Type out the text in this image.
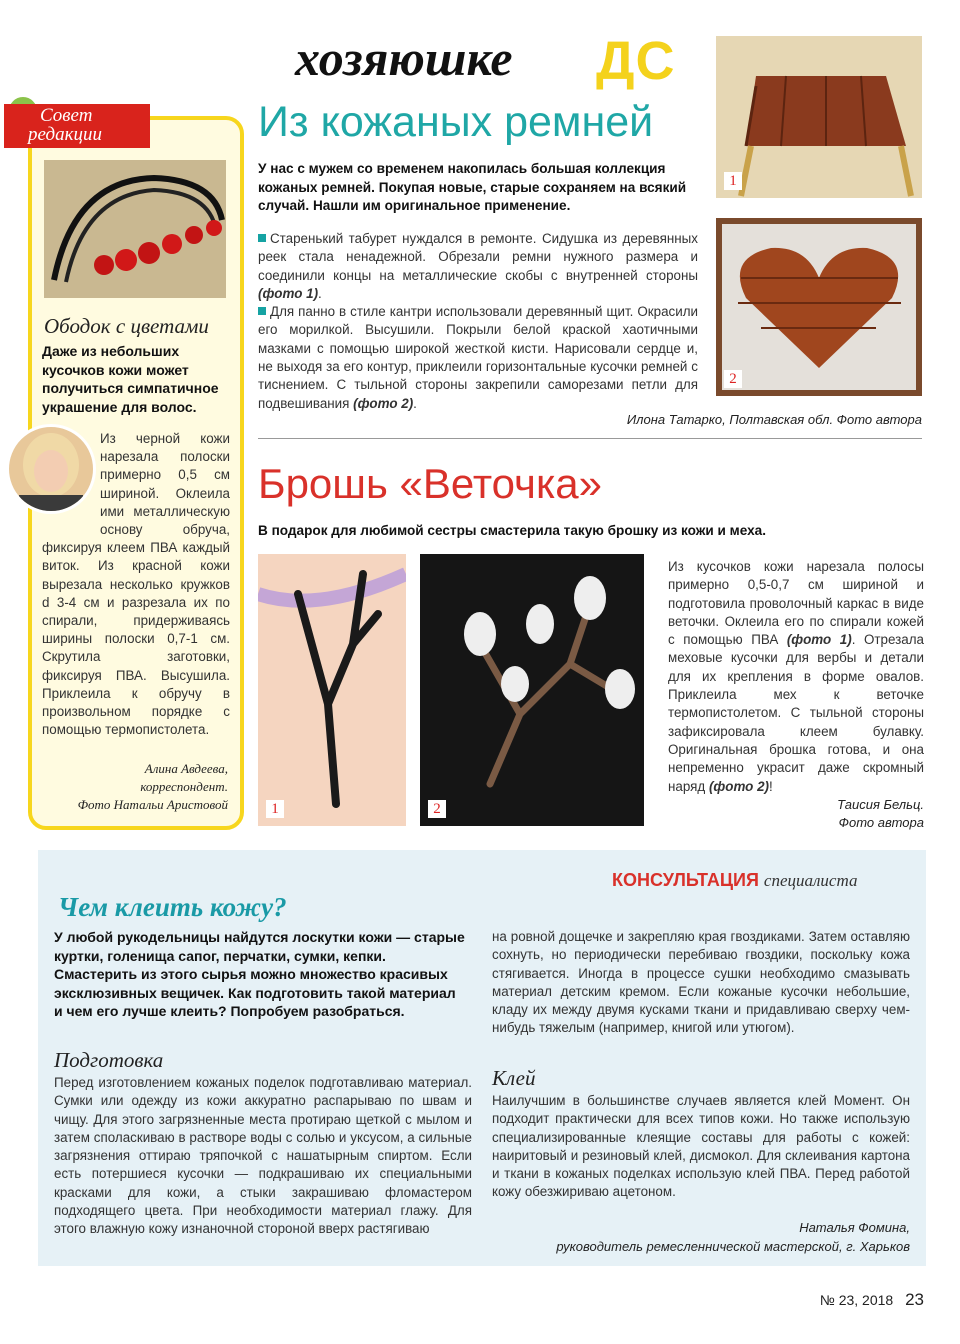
хозяюшке ДС
Совет
редакции
Ободок с цветами
Даже из небольших кусочков кожи может получиться симпатичное украшение для волос.

Из черной кожи нарезала полоски примерно 0,5 см шириной. Оклеила ими металлическую основу обруча, фиксируя клеем ПВА каждый виток. Из красной кожи вырезала несколько кружков d 3-4 см и разрезала их по спирали, придерживаясь ширины полоски 0,7-1 см. Скрутила заготовки, фиксируя ПВА. Высушила. Приклеила к обручу в произвольном порядке с помощью термопистолета.

Алина Авдеева,
корреспондент.
Фото Натальи Аристовой
Из кожаных ремней
У нас с мужем со временем накопилась большая коллекция кожаных ремней. Покупая новые, старые сохраняем на всякий случай. Нашли им оригинальное применение.

Старенький табурет нуждался в ремонте. Сидушка из деревянных реек стала ненадежной. Обрезали ремни нужного размера и соединили концы на металлические скобы с внутренней стороны (фото 1).

Для панно в стиле кантри использовали деревянный щит. Окрасили его морилкой. Высушили. Покрыли белой краской хаотичными мазками с помощью широкой жесткой кисти. Нарисовали сердце и, не выходя за его контур, приклеили горизонтальные кусочки ремней с тиснением. С тыльной стороны закрепили саморезами петли для подвешивания (фото 2).

Илона Татарко, Полтавская обл. Фото автора
1
2
Брошь «Веточка»
В подарок для любимой сестры смастерила такую брошку из кожи и меха.
1	2

Из кусочков кожи нарезала полосы примерно 0,5-0,7 см шириной и подготовила проволочный каркас в виде веточки. Оклеила его по спирали кожей с помощью ПВА (фото 1). Отрезала меховые кусочки для вербы и детали для их крепления в форме овалов. Приклеила мех к веточке термопистолетом. С тыльной стороны зафиксировала клеем булавку. Оригинальная брошка готова, и она непременно украсит даже скромный наряд (фото 2)!

Таисия Бельц.
Фото автора
КОНСУЛЬТАЦИЯ специалиста
Чем клеить кожу?
У любой рукодельницы найдутся лоскутки кожи — старые куртки, голенища сапог, перчатки, сумки, кепки. Смастерить из этого сырья можно множество красивых эксклюзивных вещичек. Как подготовить такой материал и чем его лучше клеить? Попробуем разобраться.
Подготовка

Перед изготовлением кожаных поделок подготавливаю материал. Сумки или одежду из кожи аккуратно распарываю по швам и чищу. Для этого загрязненные места протираю щеткой с мылом и затем споласкиваю в растворе воды с солью и уксусом, а сильные загрязнения оттираю тряпочкой с нашатырным спиртом. Если есть потершиеся кусочки — подкрашиваю их специальными красками для кожи, а стыки закрашиваю фломастером подходящего цвета. При необходимости материал глажу. Для этого влажную кожу изнаночной стороной вверх растягиваю

на ровной дощечке и закрепляю края гвоздиками. Затем оставляю сохнуть, но периодически перебиваю гвоздики, поскольку кожа стягивается. Иногда в процессе сушки необходимо смазывать материал детским кремом. Если кожаные кусочки небольшие, кладу их между двумя кусками ткани и придавливаю сверху чем-нибудь тяжелым (например, книгой или утюгом).

Клей

Наилучшим в большинстве случаев является клей Момент. Он подходит практически для всех типов кожи. Но также использую специализированные клеящие составы для работы с кожей: наиритовый и резиновый клей, дисмокол. Для склеивания картона и ткани в кожаных поделках использую клей ПВА. Перед работой кожу обезжириваю ацетоном.

Наталья Фомина,
руководитель ремесленнической мастерской, г. Харьков
№ 23, 2018 23
